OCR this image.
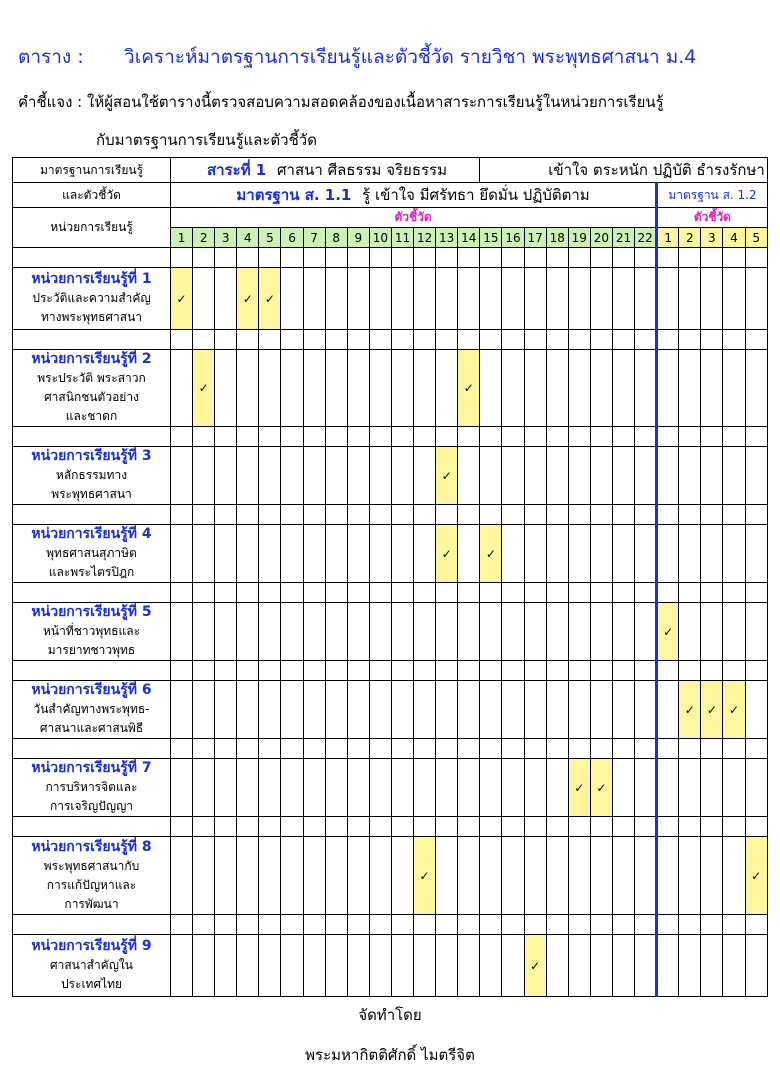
ตาราง : วิเคราะห์มาตรฐานการเรียนรู้และตัวชี้วัด รายวิชา พระพุทธศาสนา ม.4
คำชี้แจง : ให้ผู้สอนใช้ตารางนี้ตรวจสอบความสอดคล้องของเนื้อหาสาระการเรียนรู้ในหน่วยการเรียนรู้
กับมาตรฐานการเรียนรู้และตัวชี้วัด
มาตรฐานการเรียนรู้	สาระที่ 1 ศาสนา ศีลธรรม จริยธรรม														เข้าใจ ตระหนัก ปฏิบัติ ธำรงรักษา												
และตัวชี้วัด	มาตรฐาน ส. 1.1 รู้ เข้าใจ มีศรัทธา ยึดมั่น ปฏิบัติตาม																						มาตรฐาน ส. 1.2				
หน่วยการเรียนรู้	ตัวชี้วัด																						ตัวชี้วัด				
	1	2	3	4	5	6	7	8	9	10	11	12	13	14	15	16	17	18	19	20	21	22	1	2	3	4	5

หน่วยการเรียนรู้ที่ 1
ประวัติและความสำคัญ
ทางพระพุทธศาสนา	✓			✓	✓																						

หน่วยการเรียนรู้ที่ 2
พระประวัติ พระสาวก
ศาสนิกชนตัวอย่าง
และชาดก		✓												✓													

หน่วยการเรียนรู้ที่ 3
หลักธรรมทาง
พระพุทธศาสนา													✓														

หน่วยการเรียนรู้ที่ 4
พุทธศาสนสุภาษิต
และพระไตรปิฎก													✓		✓												

หน่วยการเรียนรู้ที่ 5
หน้าที่ชาวพุทธและ
มารยาทชาวพุทธ																							✓				

หน่วยการเรียนรู้ที่ 6
วันสำคัญทางพระพุทธ-
ศาสนาและศาสนพิธี																								✓	✓	✓	

หน่วยการเรียนรู้ที่ 7
การบริหารจิตและ
การเจริญปัญญา																			✓	✓							

หน่วยการเรียนรู้ที่ 8
พระพุทธศาสนากับ
การแก้ปัญหาและ
การพัฒนา												✓															✓

หน่วยการเรียนรู้ที่ 9
ศาสนาสำคัญใน
ประเทศไทย																	✓										
จัดทำโดย
พระมหากิตติศักดิ์ ไมตรีจิต
